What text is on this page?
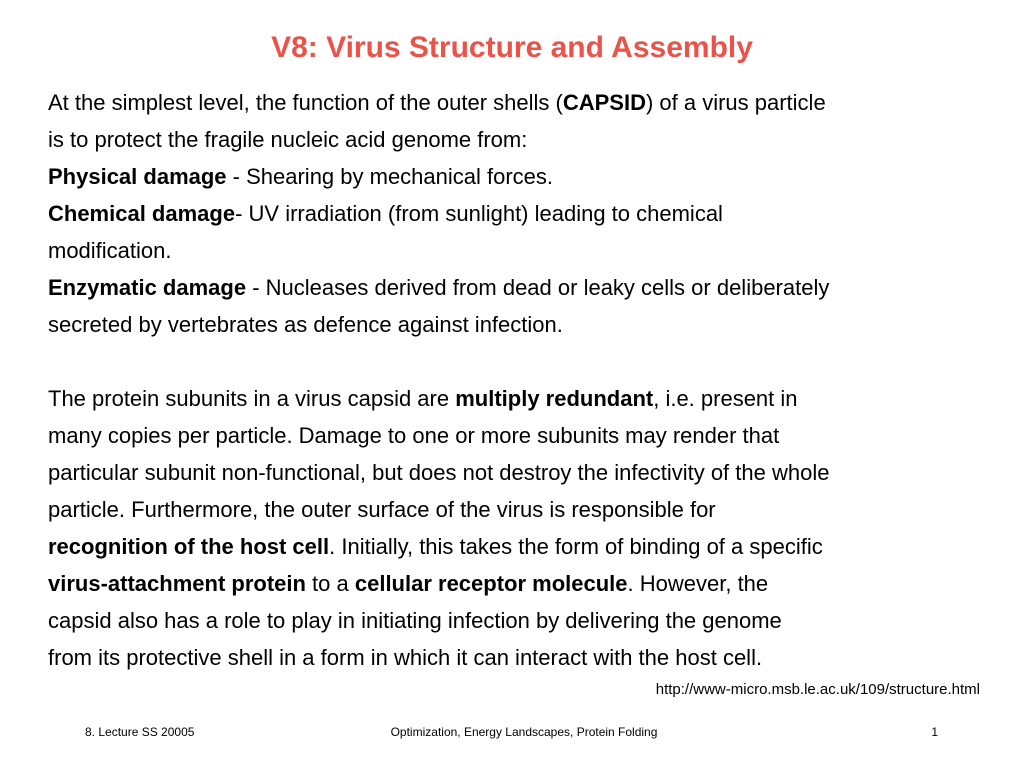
V8: Virus Structure and Assembly
At the simplest level, the function of the outer shells (CAPSID) of a virus particle
is to protect the fragile nucleic acid genome from:
Physical damage - Shearing by mechanical forces.
Chemical damage- UV irradiation (from sunlight) leading to chemical
modification.
Enzymatic damage - Nucleases derived from dead or leaky cells or deliberately
secreted by vertebrates as defence against infection.
The protein subunits in a virus capsid are multiply redundant, i.e. present in
many copies per particle. Damage to one or more subunits may render that
particular subunit non-functional, but does not destroy the infectivity of the whole
particle. Furthermore, the outer surface of the virus is responsible for
recognition of the host cell. Initially, this takes the form of binding of a specific
virus-attachment protein to a cellular receptor molecule. However, the
capsid also has a role to play in initiating infection by delivering the genome
from its protective shell in a form in which it can interact with the host cell.
http://www-micro.msb.le.ac.uk/109/structure.html
8. Lecture SS 20005	Optimization, Energy Landscapes, Protein Folding	1
